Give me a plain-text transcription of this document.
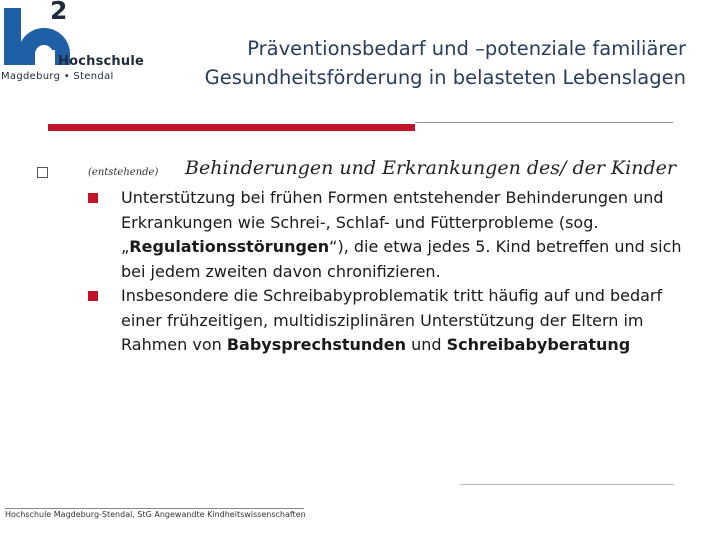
2
Hochschule
Magdeburg • Stendal
Präventionsbedarf und –potenziale familiärer
Gesundheitsförderung in belasteten Lebenslagen
(entstehende) Behinderungen und Erkrankungen des/ der Kinder
Unterstützung bei frühen Formen entstehender Behinderungen und Erkrankungen wie Schrei-, Schlaf- und Fütterprobleme (sog. „Regulationsstörungen“), die etwa jedes 5. Kind betreffen und sich bei jedem zweiten davon chronifizieren.
Insbesondere die Schreibabyproblematik tritt häufig auf und bedarf einer frühzeitigen, multidisziplinären Unterstützung der Eltern im Rahmen von Babysprechstunden und Schreibabyberatung
Hochschule Magdeburg-Stendal, StG Angewandte Kindheitswissenschaften
